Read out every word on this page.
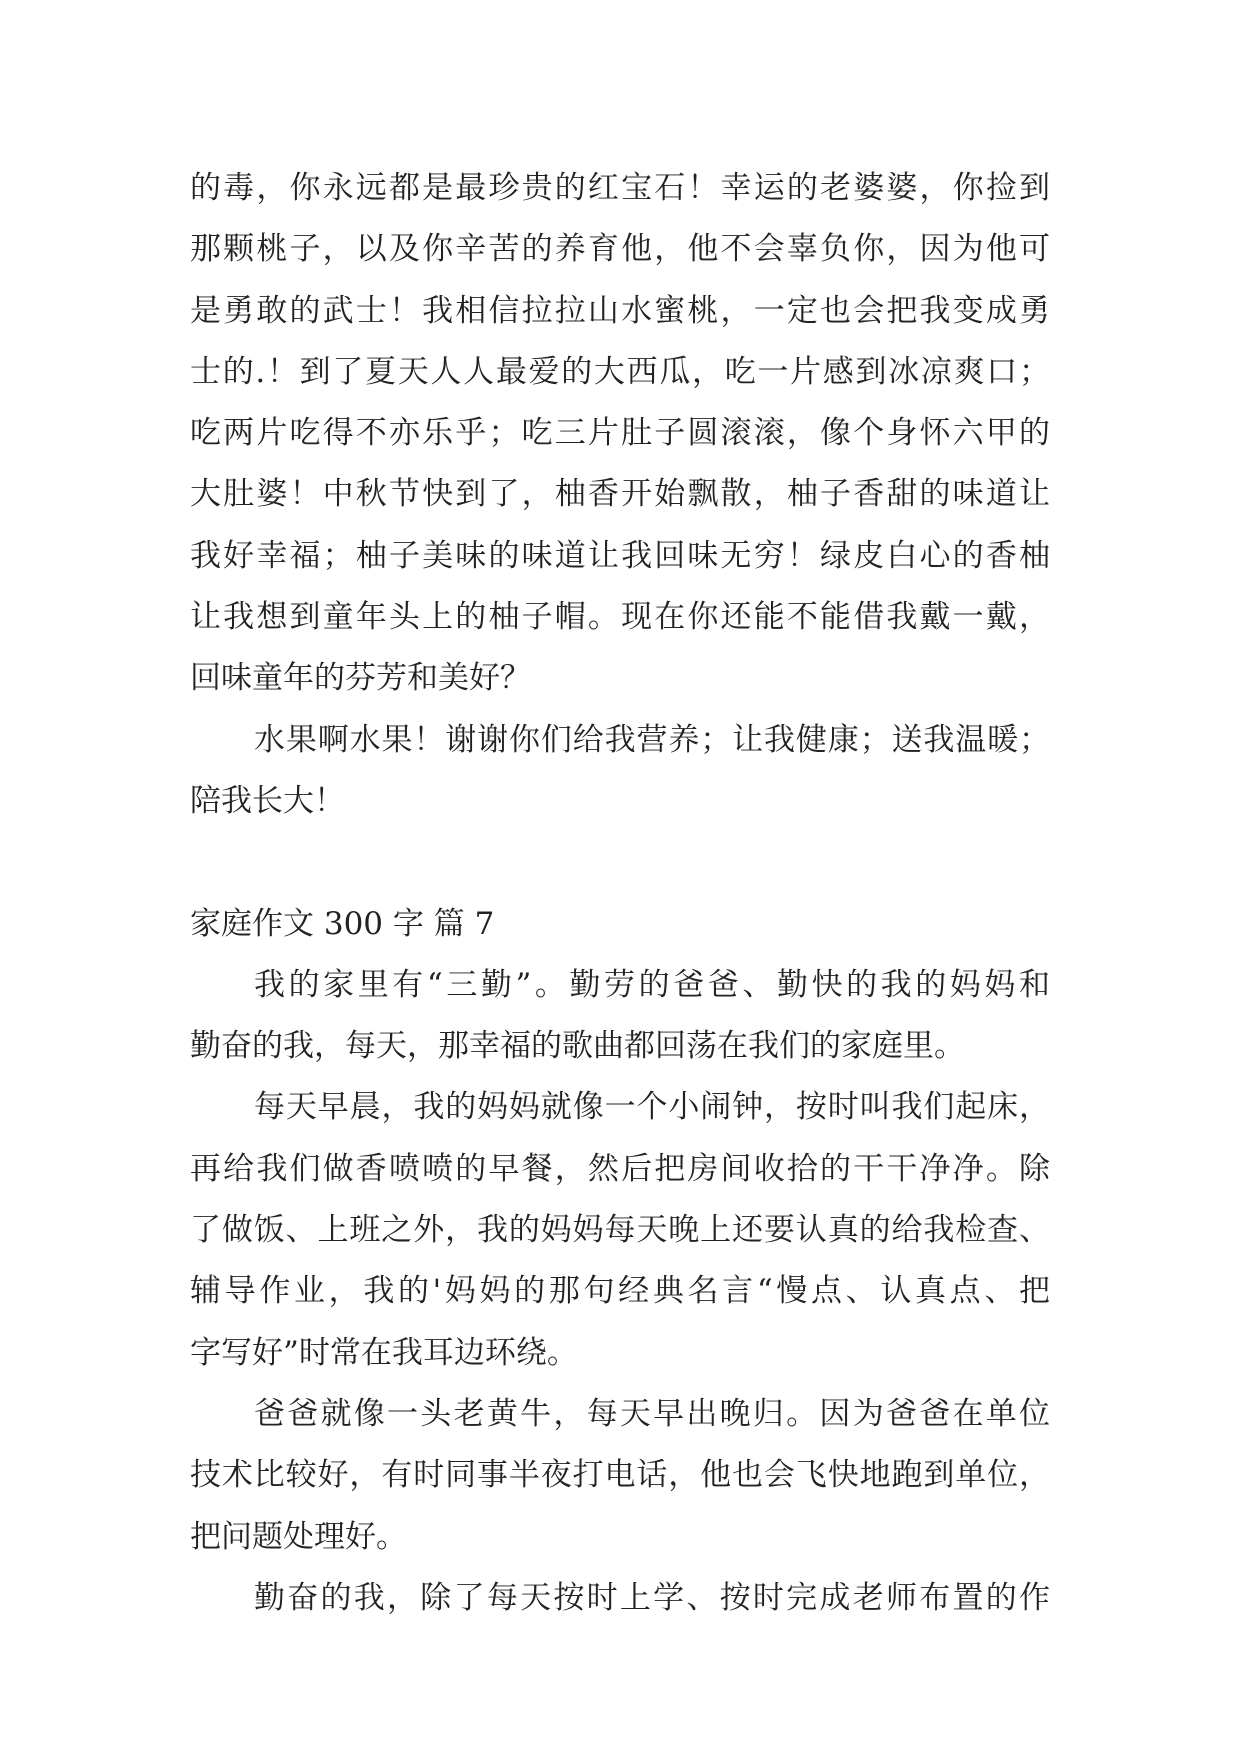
的毒，你永远都是最珍贵的红宝石！幸运的老婆婆，你捡到
那颗桃子，以及你辛苦的养育他，他不会辜负你，因为他可
是勇敢的武士！我相信拉拉山水蜜桃，一定也会把我变成勇
士的.！到了夏天人人最爱的大西瓜，吃一片感到冰凉爽口；
吃两片吃得不亦乐乎；吃三片肚子圆滚滚，像个身怀六甲的
大肚婆！中秋节快到了，柚香开始飘散，柚子香甜的味道让
我好幸福；柚子美味的味道让我回味无穷！绿皮白心的香柚
让我想到童年头上的柚子帽。现在你还能不能借我戴一戴，
回味童年的芬芳和美好？
水果啊水果！谢谢你们给我营养；让我健康；送我温暖；
陪我长大！
家庭作文 300 字 篇 7
我的家里有“三勤”。勤劳的爸爸、勤快的我的妈妈和
勤奋的我，每天，那幸福的歌曲都回荡在我们的家庭里。
每天早晨，我的妈妈就像一个小闹钟，按时叫我们起床，
再给我们做香喷喷的早餐，然后把房间收拾的干干净净。除
了做饭、上班之外，我的妈妈每天晚上还要认真的给我检查、
辅导作业，我的'妈妈的那句经典名言“慢点、认真点、把
字写好”时常在我耳边环绕。
爸爸就像一头老黄牛，每天早出晚归。因为爸爸在单位
技术比较好，有时同事半夜打电话，他也会飞快地跑到单位，
把问题处理好。
勤奋的我，除了每天按时上学、按时完成老师布置的作
